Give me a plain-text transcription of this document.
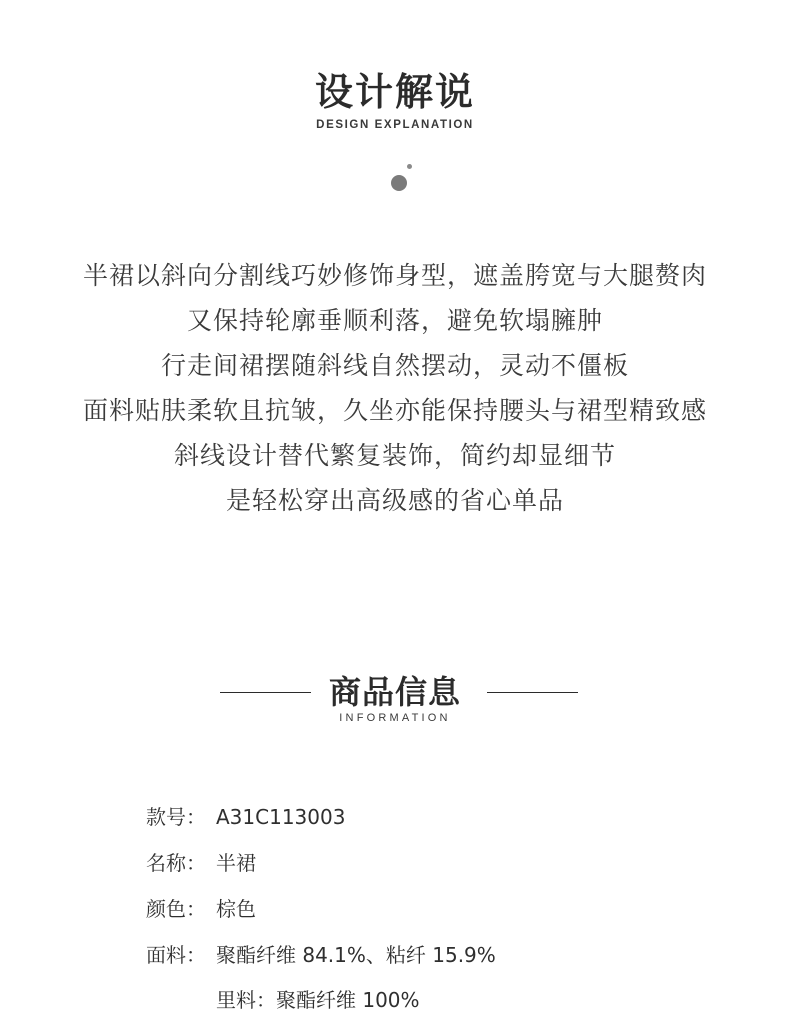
设计解说
DESIGN EXPLANATION
半裙以斜向分割线巧妙修饰身型，遮盖胯宽与大腿赘肉
又保持轮廓垂顺利落，避免软塌臃肿
行走间裙摆随斜线自然摆动，灵动不僵板
面料贴肤柔软且抗皱，久坐亦能保持腰头与裙型精致感
斜线设计替代繁复装饰，简约却显细节
是轻松穿出高级感的省心单品
商品信息
INFORMATION
款号： A31C113003
名称： 半裙
颜色： 棕色
面料： 聚酯纤维 84.1%、粘纤 15.9%
里料：聚酯纤维 100%
